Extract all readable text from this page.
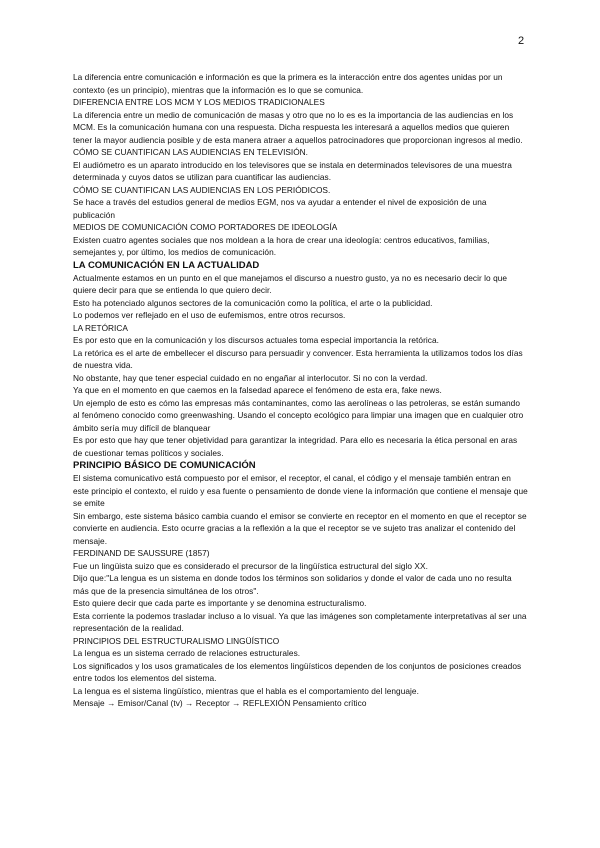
2

La diferencia entre comunicación e información es que la primera es la interacción entre dos agentes unidas por un contexto (es un principio), mientras que la información es lo que se comunica.

DIFERENCIA ENTRE LOS MCM Y LOS MEDIOS TRADICIONALES

La diferencia entre un medio de comunicación de masas y otro que no lo es es la importancia de las audiencias en los MCM. Es la comunicación humana con una respuesta. Dicha respuesta les interesará a aquellos medios que quieren tener la mayor audiencia posible y de esta manera atraer a aquellos patrocinadores que proporcionan ingresos al medio.

CÓMO SE CUANTIFICAN LAS AUDIENCIAS EN TELEVISIÓN.

El audiómetro es un aparato introducido en los televisores que se instala en determinados televisores de una muestra determinada y cuyos datos se utilizan para cuantificar las audiencias.

CÓMO SE CUANTIFICAN LAS AUDIENCIAS EN LOS PERIÓDICOS.

Se hace a través del estudios general de medios EGM, nos va ayudar a entender el nivel de exposición de una publicación

MEDIOS DE COMUNICACIÓN COMO PORTADORES DE IDEOLOGÍA

Existen cuatro agentes sociales que nos moldean a la hora de crear una ideología: centros educativos, familias, semejantes y, por último, los medios de comunicación.

LA COMUNICACIÓN EN LA ACTUALIDAD

Actualmente estamos en un punto en el que manejamos el discurso a nuestro gusto, ya no es necesario decir lo que quiere decir para que se entienda lo que quiero decir.

Esto ha potenciado algunos sectores de la comunicación como la política, el arte o la publicidad.

Lo podemos ver reflejado en el uso de eufemismos, entre otros recursos.

LA RETÓRICA

Es por esto que en la comunicación y los discursos actuales toma especial importancia la retórica.

La retórica es el arte de embellecer el discurso para persuadir y convencer. Esta herramienta la utilizamos todos los días de nuestra vida.

No obstante, hay que tener especial cuidado en no engañar al interlocutor. Si no con la verdad.

Ya que en el momento en que caemos en la falsedad aparece el fenómeno de esta era, fake news.

Un ejemplo de esto es cómo las empresas más contaminantes, como las aerolíneas o las petroleras, se están sumando al fenómeno conocido como greenwashing. Usando el concepto ecológico para limpiar una imagen que en cualquier otro ámbito sería muy difícil de blanquear

Es por esto que hay que tener objetividad para garantizar la integridad. Para ello es necesaria la ética personal en aras de cuestionar temas políticos y sociales.

PRINCIPIO BÁSICO DE COMUNICACIÓN

El sistema comunicativo está compuesto por el emisor, el receptor, el canal, el código y el mensaje también entran en este principio el contexto, el ruido y esa fuente o pensamiento de donde viene la información que contiene el mensaje que se emite

Sin embargo, este sistema básico cambia cuando el emisor se convierte en receptor en el momento en que el receptor se convierte en audiencia. Esto ocurre gracias a la reflexión a la que el receptor se ve sujeto tras analizar el contenido del mensaje.

FERDINAND DE SAUSSURE (1857)

Fue un lingüista suizo que es considerado el precursor de la lingüística estructural del siglo XX.

Dijo que:"La lengua es un sistema en donde todos los términos son solidarios y donde el valor de cada uno no resulta más que de la presencia simultánea de los otros".

Esto quiere decir que cada parte es importante y se denomina estructuralismo.

Esta corriente la podemos trasladar incluso a lo visual. Ya que las imágenes son completamente interpretativas al ser una representación de la realidad.

PRINCIPIOS DEL ESTRUCTURALISMO LINGÜÍSTICO

La lengua es un sistema cerrado de relaciones estructurales.

Los significados y los usos gramaticales de los elementos lingüísticos dependen de los conjuntos de posiciones creados entre todos los elementos del sistema.

La lengua es el sistema lingüístico, mientras que el habla es el comportamiento del lenguaje.

Mensaje → Emisor/Canal (tv) → Receptor → REFLEXIÓN Pensamiento crítico
